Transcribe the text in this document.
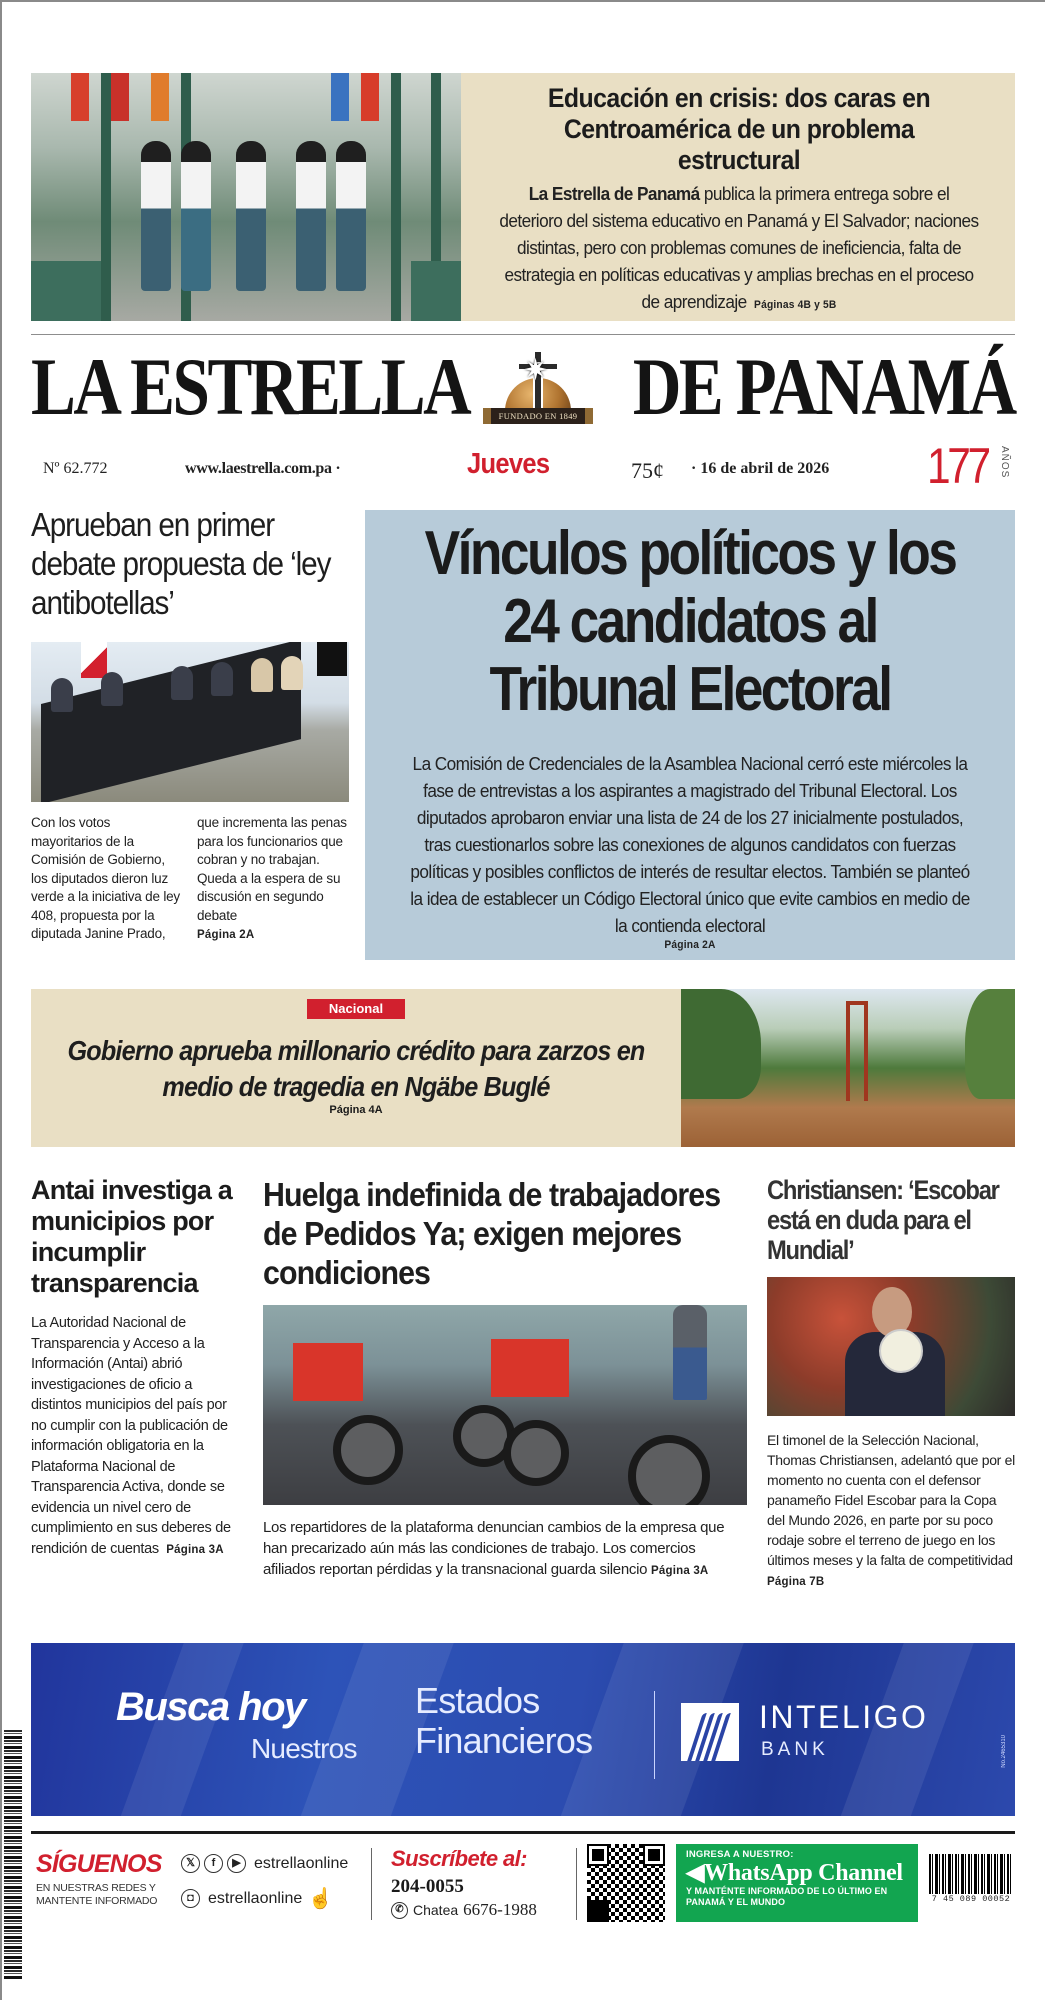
Educación en crisis: dos caras en Centroamérica de un problema estructural

La Estrella de Panamá publica la primera entrega sobre el deterioro del sistema educativo en Panamá y El Salvador; naciones distintas, pero con problemas comunes de ineficiencia, falta de estrategia en políticas educativas y amplias brechas en el proceso de aprendizaje Páginas 4B y 5B

LA ESTRELLA ✷
FUNDADO EN 1849 DE PANAMÁ
Nº 62.772	www.laestrella.com.pa ·	Jueves	75¢ · 16 de abril de 2026 177 AÑOS
Aprueban en primer debate propuesta de ‘ley antibotellas’

Con los votos mayoritarios de la Comisión de Gobierno, los diputados dieron luz verde a la iniciativa de ley 408, propuesta por la diputada Janine Prado,

que incrementa las penas para los funcionarios que cobran y no trabajan. Queda a la espera de su discusión en segundo debate
Página 2A

Vínculos políticos y los 24 candidatos al Tribunal Electoral

La Comisión de Credenciales de la Asamblea Nacional cerró este miércoles la fase de entrevistas a los aspirantes a magistrado del Tribunal Electoral. Los diputados aprobaron enviar una lista de 24 de los 27 inicialmente postulados, tras cuestionarlos sobre las conexiones de algunos candidatos con fuerzas políticas y posibles conflictos de interés de resultar electos. También se planteó la idea de establecer un Código Electoral único que evite cambios en medio de la contienda electoral
Página 2A

Nacional
Gobierno aprueba millonario crédito para zarzos en medio de tragedia en Ngäbe Buglé
Página 4A
Antai investiga a municipios por incumplir transparencia

La Autoridad Nacional de Transparencia y Acceso a la Información (Antai) abrió investigaciones de oficio a distintos municipios del país por no cumplir con la publicación de información obligatoria en la Plataforma Nacional de Transparencia Activa, donde se evidencia un nivel cero de cumplimiento en sus deberes de rendición de cuentas Página 3A

Huelga indefinida de trabajadores de Pedidos Ya; exigen mejores condiciones

Los repartidores de la plataforma denuncian cambios de la empresa que han precarizado aún más las condiciones de trabajo. Los comercios afiliados reportan pérdidas y la transnacional guarda silencio Página 3A

Christiansen: ‘Escobar está en duda para el Mundial’

El timonel de la Selección Nacional, Thomas Christiansen, adelantó que por el momento no cuenta con el defensor panameño Fidel Escobar para la Copa del Mundo 2026, en parte por su poco rodaje sobre el terreno de juego en los últimos meses y la falta de competitividad
Página 7B

Busca hoy
Nuestros
Estados Financieros
INTELIGO
BANK	No.2465310
SÍGUENOS
EN NUESTRAS REDES Y MANTENTE INFORMADO
𝕏	f	▶ estrellaonline
◘ estrellaonline ☝
Suscríbete al:
204-0055
✆ Chatea 6676-1988
INGRESA A NUESTRO:
◀WhatsApp Channel
Y MANTÉNTE INFORMADO DE LO ÚLTIMO EN PANAMÁ Y EL MUNDO	7 45 089 00052
